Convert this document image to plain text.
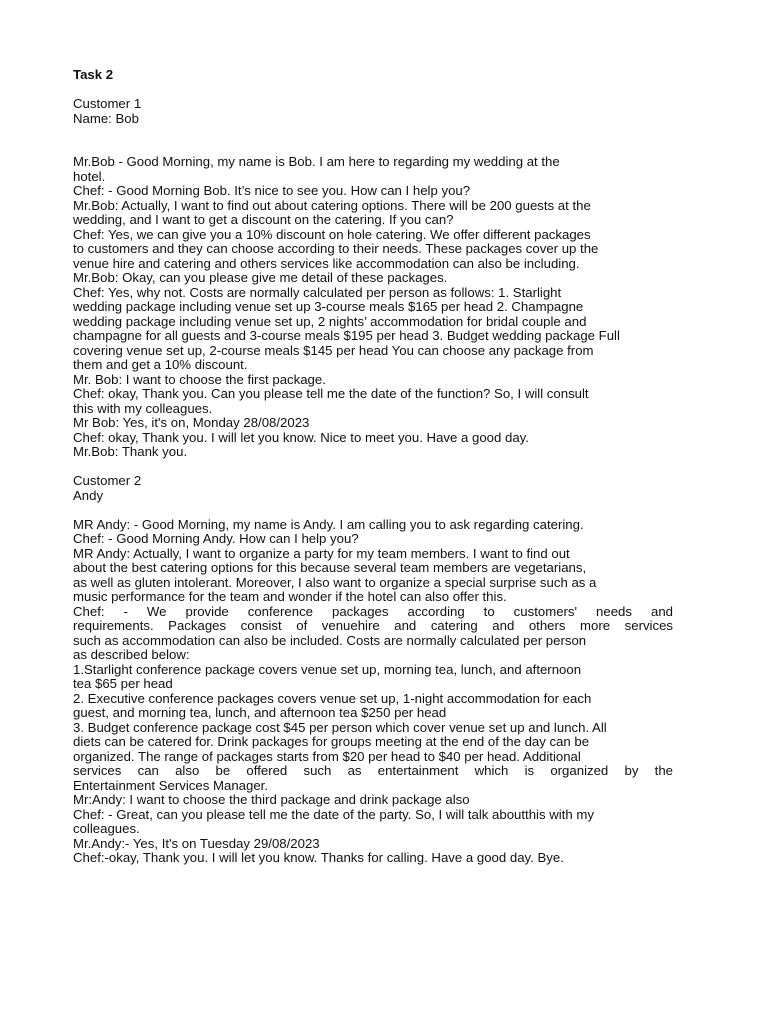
Task 2
Customer 1
Name: Bob
Mr.Bob - Good Morning, my name is Bob. I am here to regarding my wedding at the
hotel.
Chef: - Good Morning Bob. It’s nice to see you. How can I help you?
Mr.Bob: Actually, I want to find out about catering options. There will be 200 guests at the
wedding, and I want to get a discount on the catering. If you can?
Chef: Yes, we can give you a 10% discount on hole catering. We offer different packages
to customers and they can choose according to their needs. These packages cover up the
venue hire and catering and others services like accommodation can also be including.
Mr.Bob: Okay, can you please give me detail of these packages.
Chef: Yes, why not. Costs are normally calculated per person as follows: 1. Starlight
wedding package including venue set up 3-course meals $165 per head 2. Champagne
wedding package including venue set up, 2 nights’ accommodation for bridal couple and
champagne for all guests and 3-course meals $195 per head 3. Budget wedding package Full
covering venue set up, 2-course meals $145 per head You can choose any package from
them and get a 10% discount.
Mr. Bob: I want to choose the first package.
Chef: okay, Thank you. Can you please tell me the date of the function? So, I will consult
this with my colleagues.
Mr Bob: Yes, it's on, Monday 28/08/2023
Chef: okay, Thank you. I will let you know. Nice to meet you. Have a good day.
Mr.Bob: Thank you.
Customer 2
Andy
MR Andy: - Good Morning, my name is Andy. I am calling you to ask regarding catering.
Chef: - Good Morning Andy. How can I help you?
MR Andy: Actually, I want to organize a party for my team members. I want to find out
about the best catering options for this because several team members are vegetarians,
as well as gluten intolerant. Moreover, I also want to organize a special surprise such as a
music performance for the team and wonder if the hotel can also offer this.
Chef: - We provide conference packages according to customers' needs and
requirements. Packages consist of venuehire and catering and others more services
such as accommodation can also be included. Costs are normally calculated per person
as described below:
1.Starlight conference package covers venue set up, morning tea, lunch, and afternoon
tea $65 per head
2. Executive conference packages covers venue set up, 1-night accommodation for each
guest, and morning tea, lunch, and afternoon tea $250 per head
3. Budget conference package cost $45 per person which cover venue set up and lunch. All
diets can be catered for. Drink packages for groups meeting at the end of the day can be
organized. The range of packages starts from $20 per head to $40 per head. Additional
services can also be offered such as entertainment which is organized by the
Entertainment Services Manager.
Mr:Andy: I want to choose the third package and drink package also
Chef: - Great, can you please tell me the date of the party. So, I will talk aboutthis with my
colleagues.
Mr.Andy:- Yes, It's on Tuesday 29/08/2023
Chef:-okay, Thank you. I will let you know. Thanks for calling. Have a good day. Bye.
